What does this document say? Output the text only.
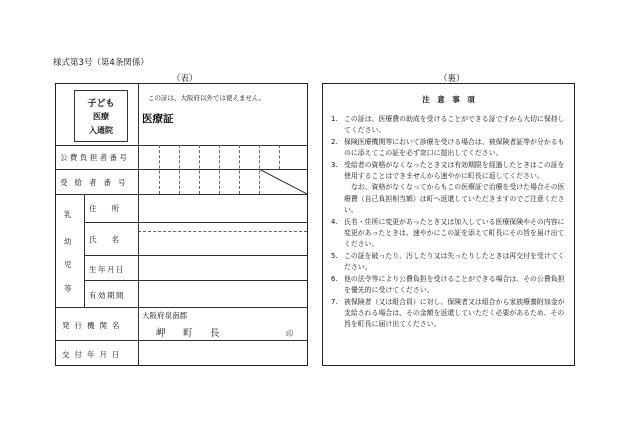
様式第3号（第4条関係）
（表）	（裏）
子ども
医療
入通院
この証は、大阪府以外では使えません。
医療証
公費負担者番号
受給者番号
乳
幼
児
等
住　　所
氏　　名
生年月日
有効期間
発行機関名
交付年月日
大阪府泉南郡
岬　町　長	印
注　意　事　項
1. この証は、医療費の助成を受けることができる証ですから大切に保持してください。
2. 保険医療機関等において診療を受ける場合は、被保険者証等が分かるものに添えてこの証を必ず窓口に提出してください。
3. 受給者の資格がなくなったとき又は有効期限を経過したときはこの証を使用することはできませんから速やかに町長に返してください。
なお、資格がなくなってからもこの医療証で治療を受けた場合その医療費（自己負担相当額）は町へ返還していただきますのでご注意ください。
4. 氏名・住所に変更があったとき又は加入している医療保険やその内容に変更があったときは、速やかにこの証を添えて町長にその旨を届け出てください。
5. この証を破ったり、汚したり又は失ったりしたときは再交付を受けてください。
6. 他の法令等により公費負担を受けることができる場合は、その公費負担を優先的に受けてください。
7. 被保険者（又は組合員）に対し、保険者又は組合から家族療養附加金が支給される場合は、その金額を返還していただく必要があるため、その旨を町長に届け出てください。
